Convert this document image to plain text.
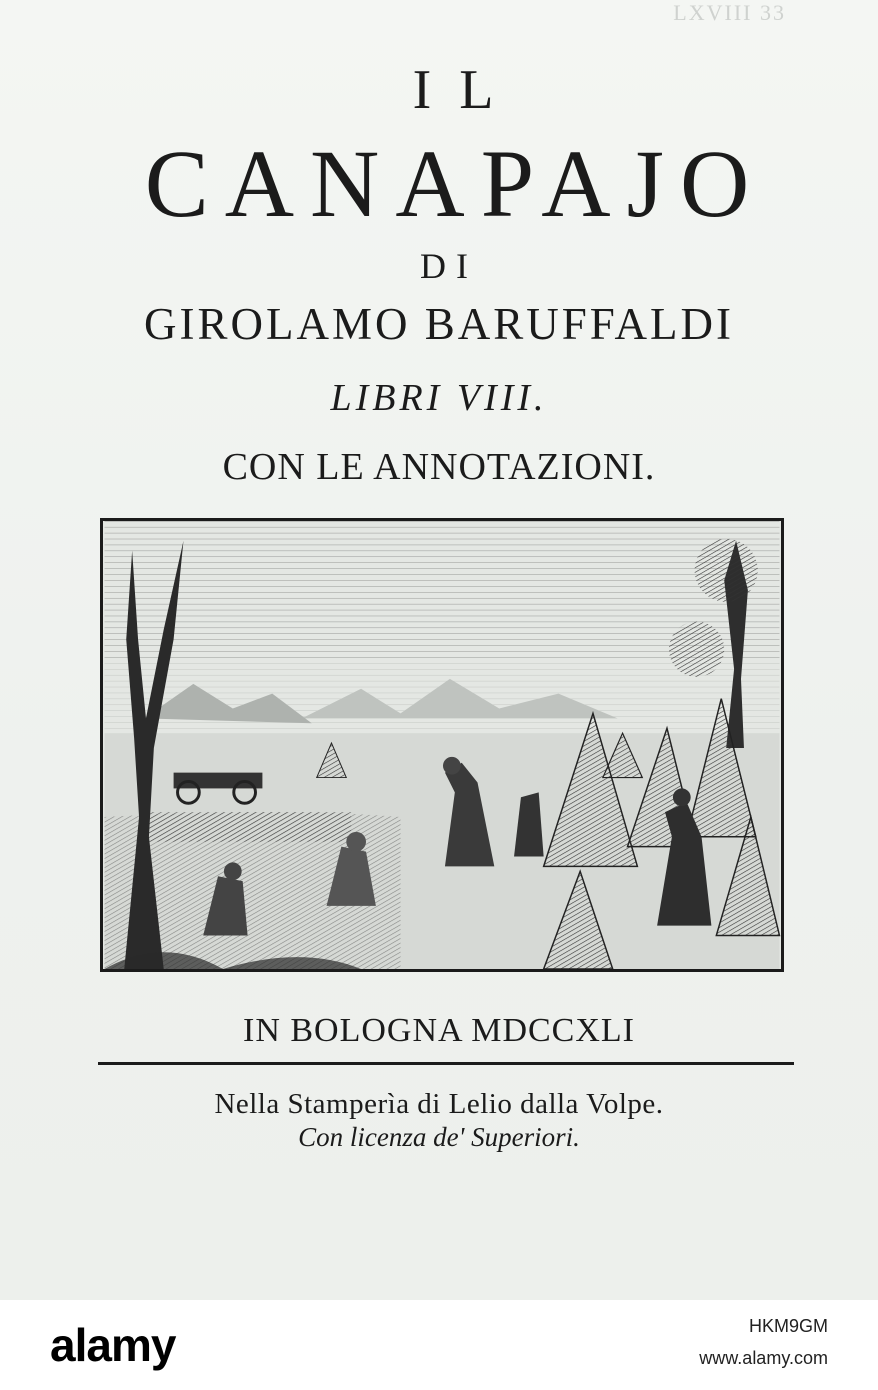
LXVIII 33
IL
CANAPAJO
DI
GIROLAMO BARUFFALDI
LIBRI VIII.
CON LE ANNOTAZIONI.
IN BOLOGNA MDCCXLI
Nella Stamperìa di Lelio dalla Volpe.
Con licenza de' Superiori.
alamy	HKM9GM
www.alamy.com
